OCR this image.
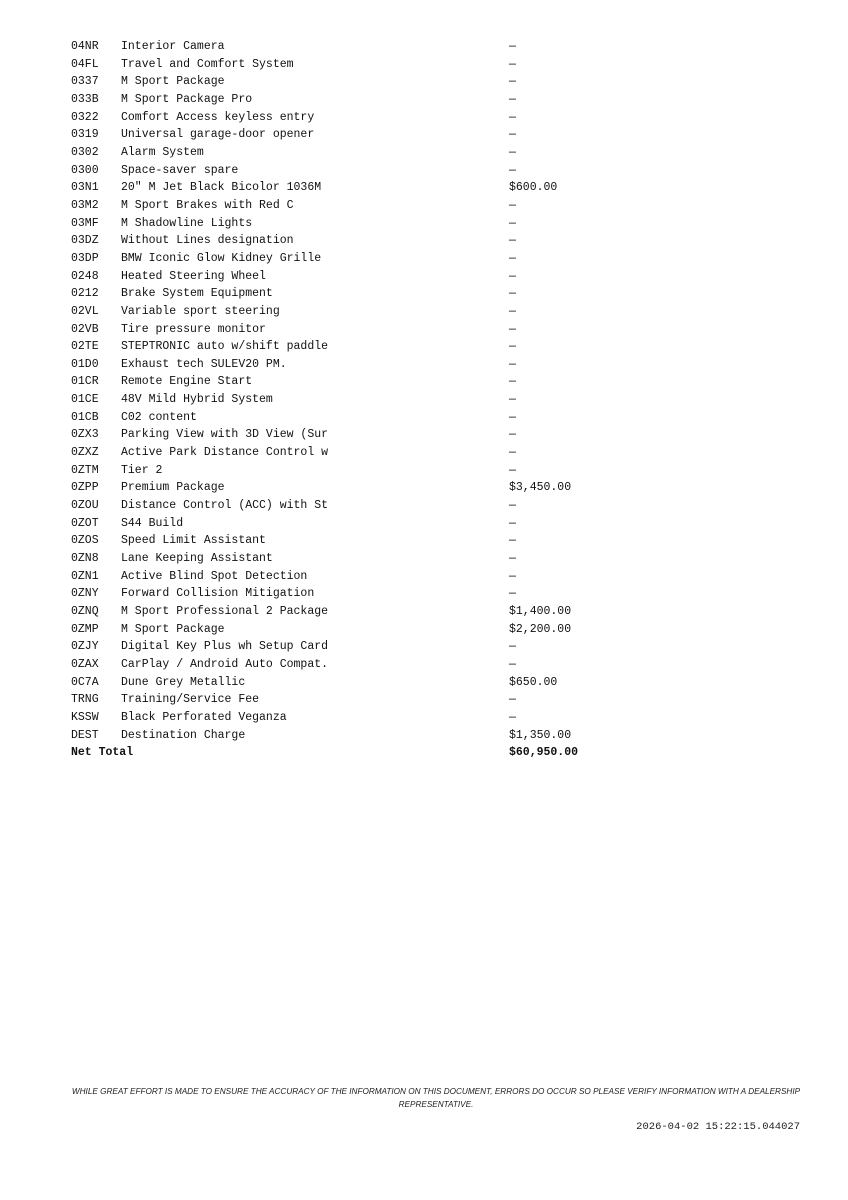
04NR	Interior Camera	—
04FL	Travel and Comfort System	—
0337	M Sport Package	—
033B	M Sport Package Pro	—
0322	Comfort Access keyless entry	—
0319	Universal garage-door opener	—
0302	Alarm System	—
0300	Space-saver spare	—
03N1	20" M Jet Black Bicolor 1036M	$600.00
03M2	M Sport Brakes with Red C	—
03MF	M Shadowline Lights	—
03DZ	Without Lines designation	—
03DP	BMW Iconic Glow Kidney Grille	—
0248	Heated Steering Wheel	—
0212	Brake System Equipment	—
02VL	Variable sport steering	—
02VB	Tire pressure monitor	—
02TE	STEPTRONIC auto w/shift paddle	—
01D0	Exhaust tech SULEV20 PM.	—
01CR	Remote Engine Start	—
01CE	48V Mild Hybrid System	—
01CB	C02 content	—
0ZX3	Parking View with 3D View (Sur	—
0ZXZ	Active Park Distance Control w	—
0ZTM	Tier 2	—
0ZPP	Premium Package	$3,450.00
0ZOU	Distance Control (ACC) with St	—
0ZOT	S44 Build	—
0ZOS	Speed Limit Assistant	—
0ZN8	Lane Keeping Assistant	—
0ZN1	Active Blind Spot Detection	—
0ZNY	Forward Collision Mitigation	—
0ZNQ	M Sport Professional 2 Package	$1,400.00
0ZMP	M Sport Package	$2,200.00
0ZJY	Digital Key Plus wh Setup Card	—
0ZAX	CarPlay / Android Auto Compat.	—
0C7A	Dune Grey Metallic	$650.00
TRNG	Training/Service Fee	—
KSSW	Black Perforated Veganza	—
DEST	Destination Charge	$1,350.00
Net Total		$60,950.00
WHILE GREAT EFFORT IS MADE TO ENSURE THE ACCURACY OF THE INFORMATION ON THIS DOCUMENT, ERRORS DO OCCUR SO PLEASE VERIFY INFORMATION WITH A DEALERSHIP REPRESENTATIVE.
2026-04-02 15:22:15.044027
